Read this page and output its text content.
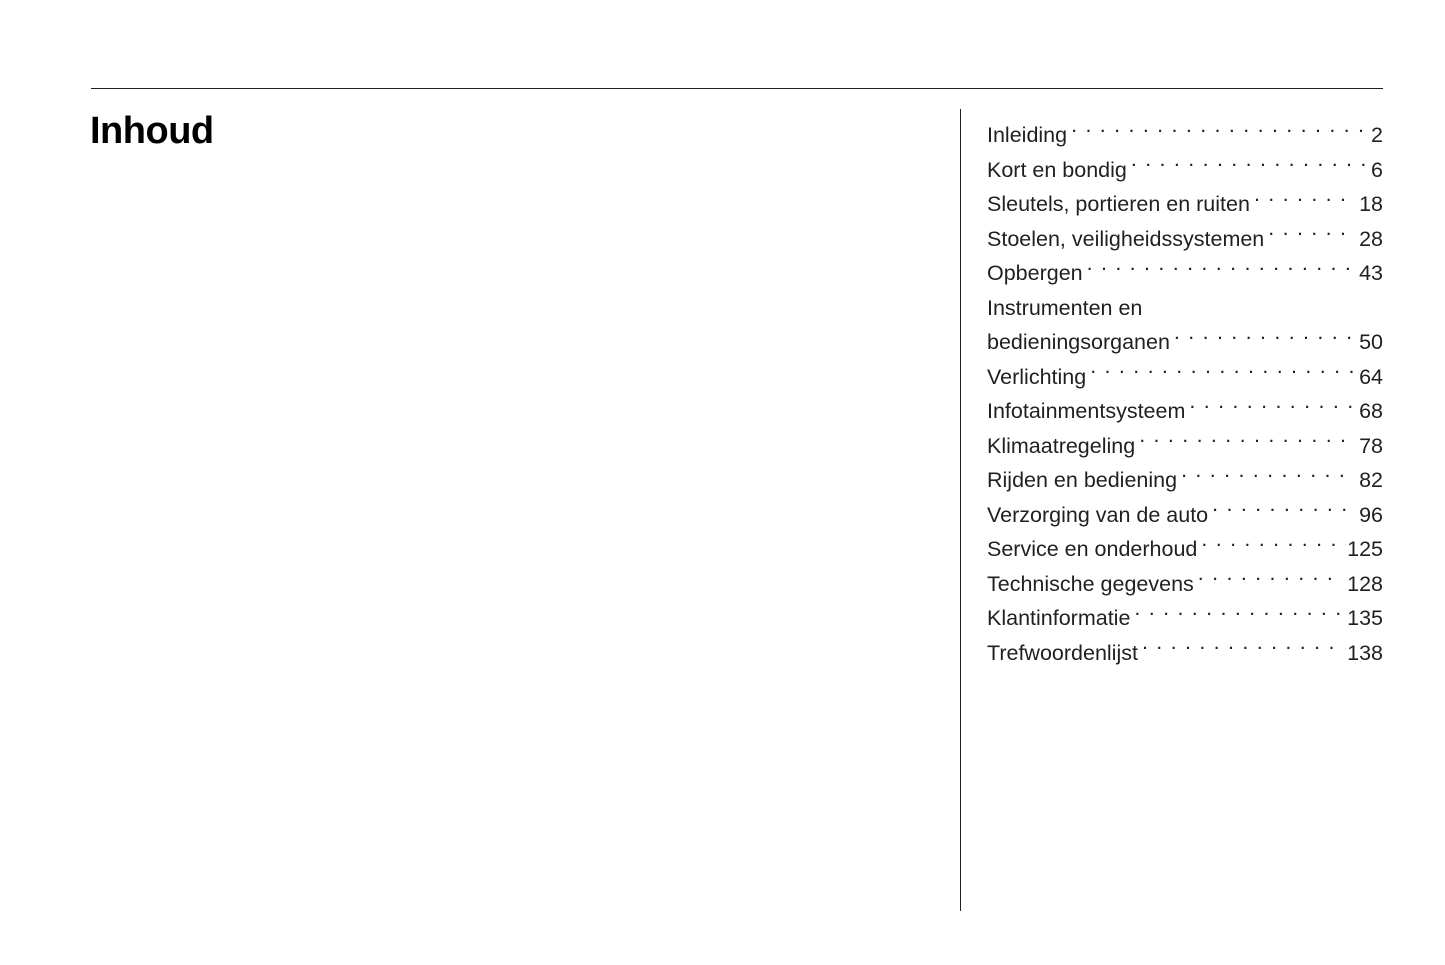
Inhoud	Inleiding . . .	2
Kort en bondig . . .	6
Sleutels, portieren en ruiten . . .	18
Stoelen, veiligheidssystemen . . .	28
Opbergen . . .	43
Instrumenten en
bedieningsorganen . . .	50
Verlichting . . .	64
Infotainmentsysteem . . .	68
Klimaatregeling . . .	78
Rijden en bediening . . .	82
Verzorging van de auto . . .	96
Service en onderhoud . . .	125
Technische gegevens . . .	128
Klantinformatie . . .	135
Trefwoordenlijst . . .	138
